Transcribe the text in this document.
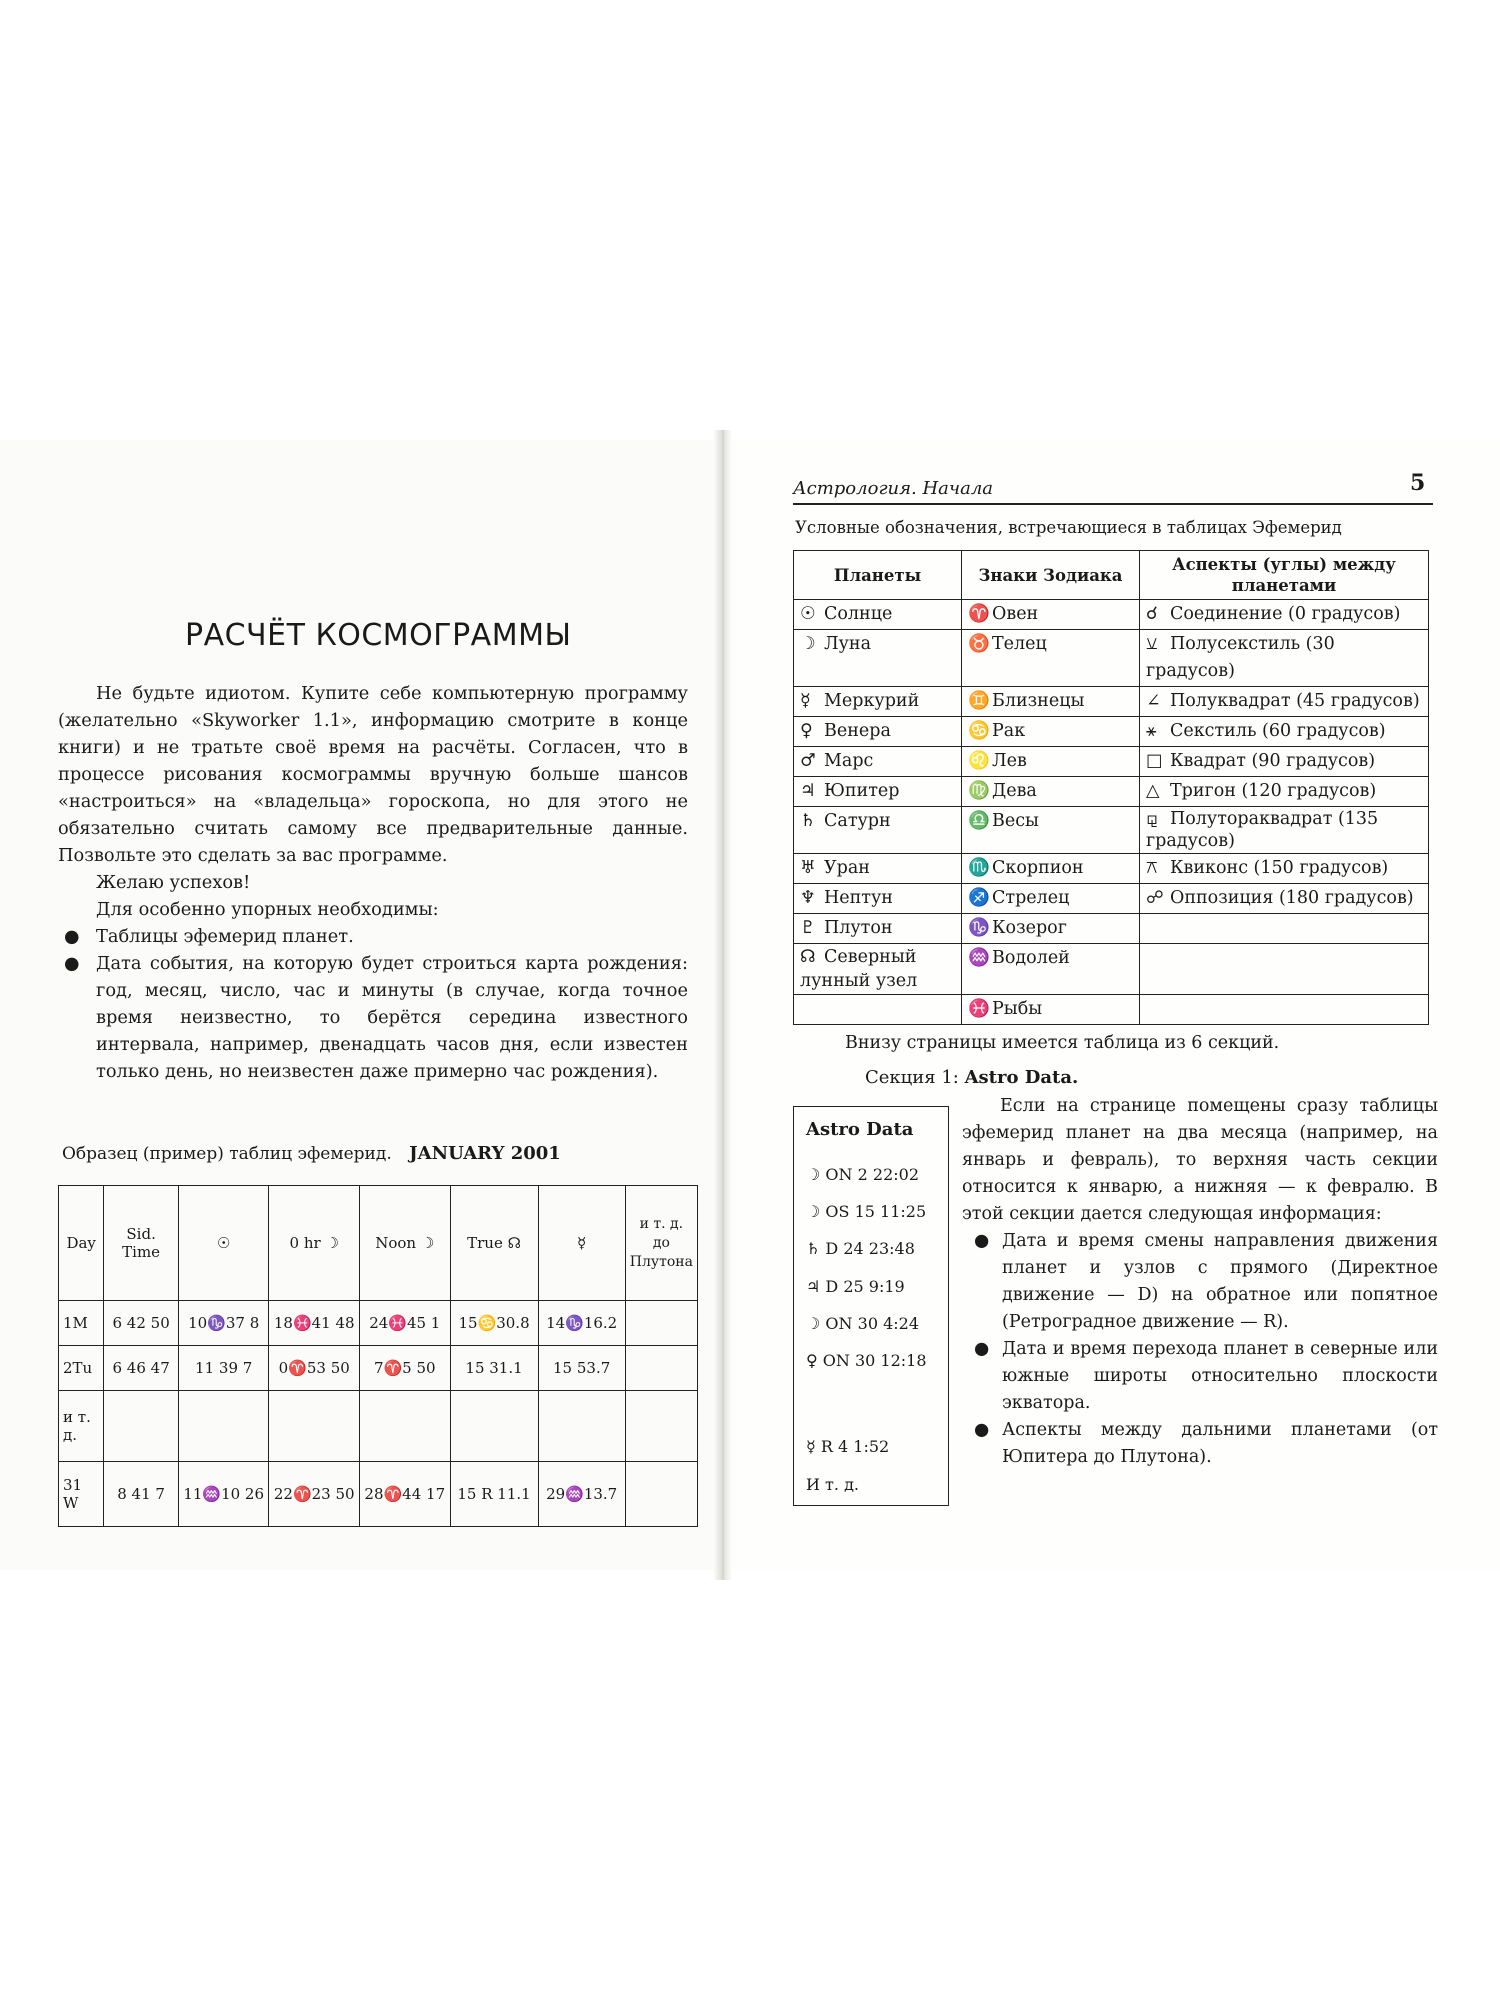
РАСЧЁТ КОСМОГРАММЫ

Не будьте идиотом. Купите себе компьютерную программу (желательно «Skyworker 1.1», информацию смотрите в конце книги) и не тратьте своё время на расчёты. Согласен, что в процессе рисования космограммы вручную больше шансов «настроиться» на «владельца» гороскопа, но для этого не обязательно считать самому все предварительные данные. Позвольте это сделать за вас программе.

Желаю успехов!

Для особенно упорных необходимы:

● Таблицы эфемерид планет.
● Дата события, на которую будет строиться карта рождения: год, месяц, число, час и минуты (в случае, когда точное время неизвестно, то берётся середина известного интервала, например, двенадцать часов дня, если известен только день, но неизвестен даже примерно час рождения).
Образец (пример) таблиц эфемерид. JANUARY 2001
Day	Sid. Time	☉	0 hr ☽	Noon ☽	True ☊	☿	и т. д. до Плутона
1M	6 42 50	10♑37 8	18♓41 48	24♓45 1	15♋30.8	14♑16.2	
2Tu	6 46 47	11 39 7	0♈53 50	7♈5 50	15 31.1	15 53.7	
и т. д.							
31 W	8 41 7	11♒10 26	22♈23 50	28♈44 17	15 R 11.1	29♒13.7	
Астрология. Начала	5
Условные обозначения, встречающиеся в таблицах Эфемерид
Планеты	Знаки Зодиака	Аспекты (углы) между планетами
☉ Солнце	♈ Овен	☌ Соединение (0 градусов)
☽ Луна	♉ Телец	⚺ Полусекстиль (30 градусов)
☿ Меркурий	♊ Близнецы	∠ Полуквадрат (45 градусов)
♀ Венера	♋ Рак	⚹ Секстиль (60 градусов)
♂ Марс	♌ Лев	□ Квадрат (90 градусов)
♃ Юпитер	♍ Дева	△ Тригон (120 градусов)
♄ Сатурн	♎ Весы	⚼ Полутораквадрат (135 градусов)
♅ Уран	♏ Скорпион	⚻ Квиконс (150 градусов)
♆ Нептун	♐ Стрелец	☍ Оппозиция (180 градусов)
♇ Плутон	♑ Козерог	
☊ Северный лунный узел	♒ Водолей	
	♓ Рыбы	
Внизу страницы имеется таблица из 6 секций.
Секция 1: Astro Data.
Astro Data
☽ ON 2 22:02
☽ OS 15 11:25
♄ D 24 23:48
♃ D 25 9:19
☽ ON 30 4:24
♀ ON 30 12:18
☿ R 4 1:52
И т. д.

Если на странице помещены сразу таблицы эфемерид планет на два месяца (например, на январь и февраль), то верхняя часть секции относится к январю, а нижняя — к февралю. В этой секции дается следующая информация:

● Дата и время смены направления движения планет и узлов с прямого (Директное движение — D) на обратное или попятное (Ретроградное движение — R).
● Дата и время перехода планет в северные или южные широты относительно плоскости экватора.
● Аспекты между дальними планетами (от Юпитера до Плутона).
